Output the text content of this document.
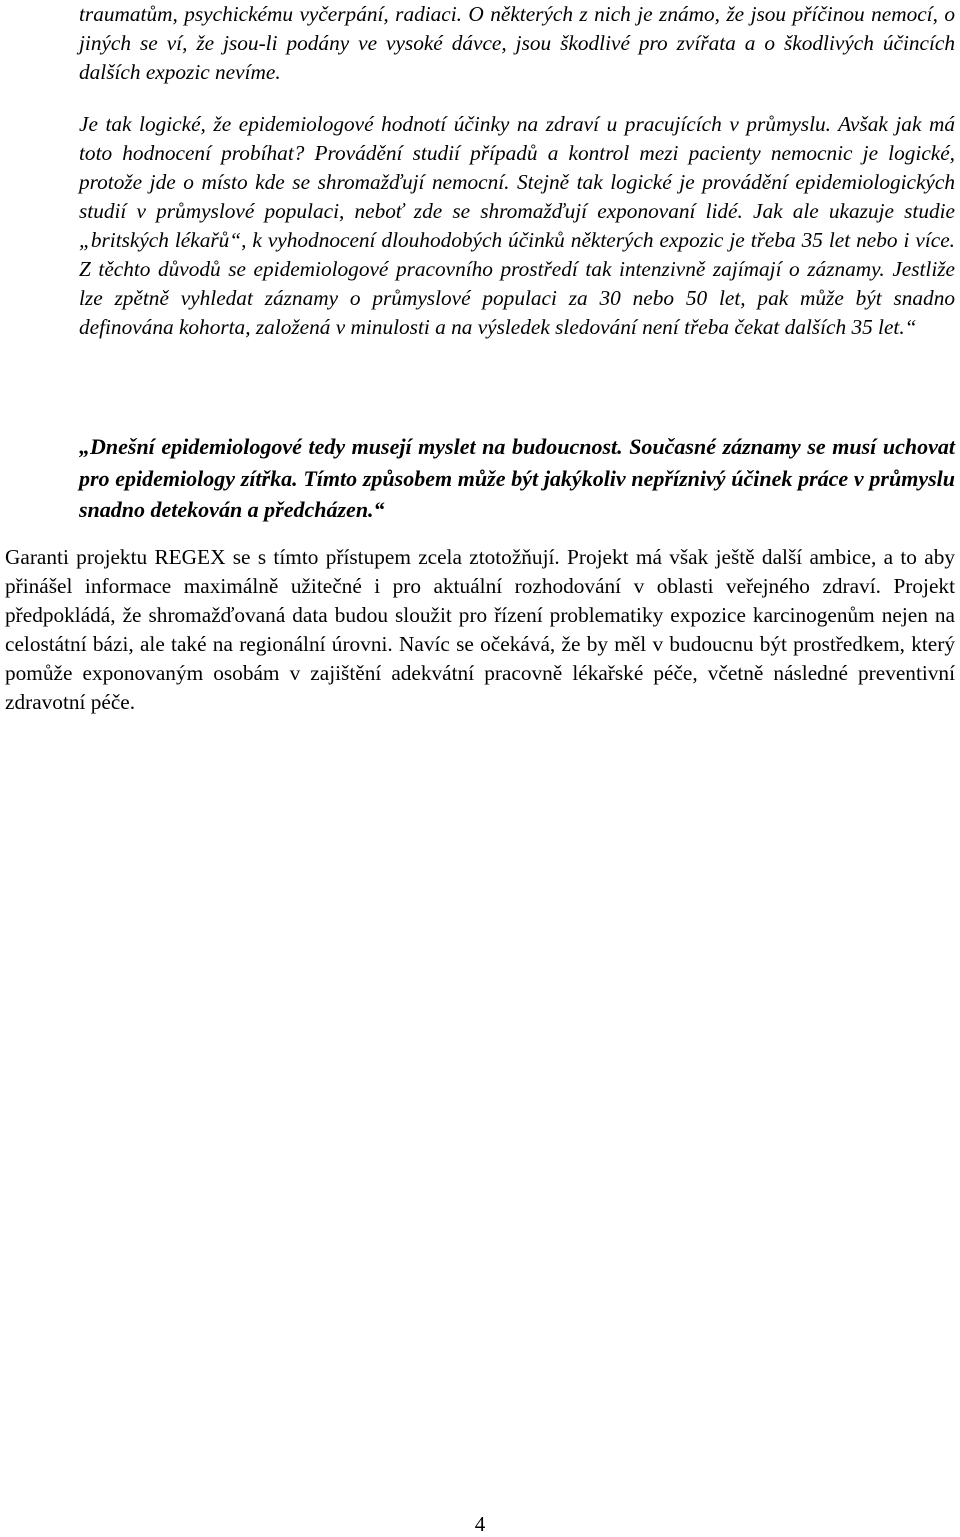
traumatům, psychickému vyčerpání, radiaci. O některých z nich je známo, že jsou příčinou nemocí, o jiných se ví, že jsou-li podány ve vysoké dávce, jsou škodlivé pro zvířata a o škodlivých účincích dalších expozic nevíme.

Je tak logické, že epidemiologové hodnotí účinky na zdraví u pracujících v průmyslu. Avšak jak má toto hodnocení probíhat? Provádění studií případů a kontrol mezi pacienty nemocnic je logické, protože jde o místo kde se shromažďují nemocní. Stejně tak logické je provádění epidemiologických studií v průmyslové populaci, neboť zde se shromažďují exponovaní lidé. Jak ale ukazuje studie „britských lékařů“, k vyhodnocení dlouhodobých účinků některých expozic je třeba 35 let nebo i více. Z těchto důvodů se epidemiologové pracovního prostředí tak intenzivně zajímají o záznamy. Jestliže lze zpětně vyhledat záznamy o průmyslové populaci za 30 nebo 50 let, pak může být snadno definována kohorta, založená v minulosti a na výsledek sledování není třeba čekat dalších 35 let.“

„Dnešní epidemiologové tedy musejí myslet na budoucnost. Současné záznamy se musí uchovat pro epidemiology zítřka. Tímto způsobem může být jakýkoliv nepříznivý účinek práce v průmyslu snadno detekován a předcházen.“

Garanti projektu REGEX se s tímto přístupem zcela ztotožňují. Projekt má však ještě další ambice, a to aby přinášel informace maximálně užitečné i pro aktuální rozhodování v oblasti veřejného zdraví. Projekt předpokládá, že shromažďovaná data budou sloužit pro řízení problematiky expozice karcinogenům nejen na celostátní bázi, ale také na regionální úrovni. Navíc se očekává, že by měl v budoucnu být prostředkem, který pomůže exponovaným osobám v zajištění adekvátní pracovně lékařské péče, včetně následné preventivní zdravotní péče.

4
